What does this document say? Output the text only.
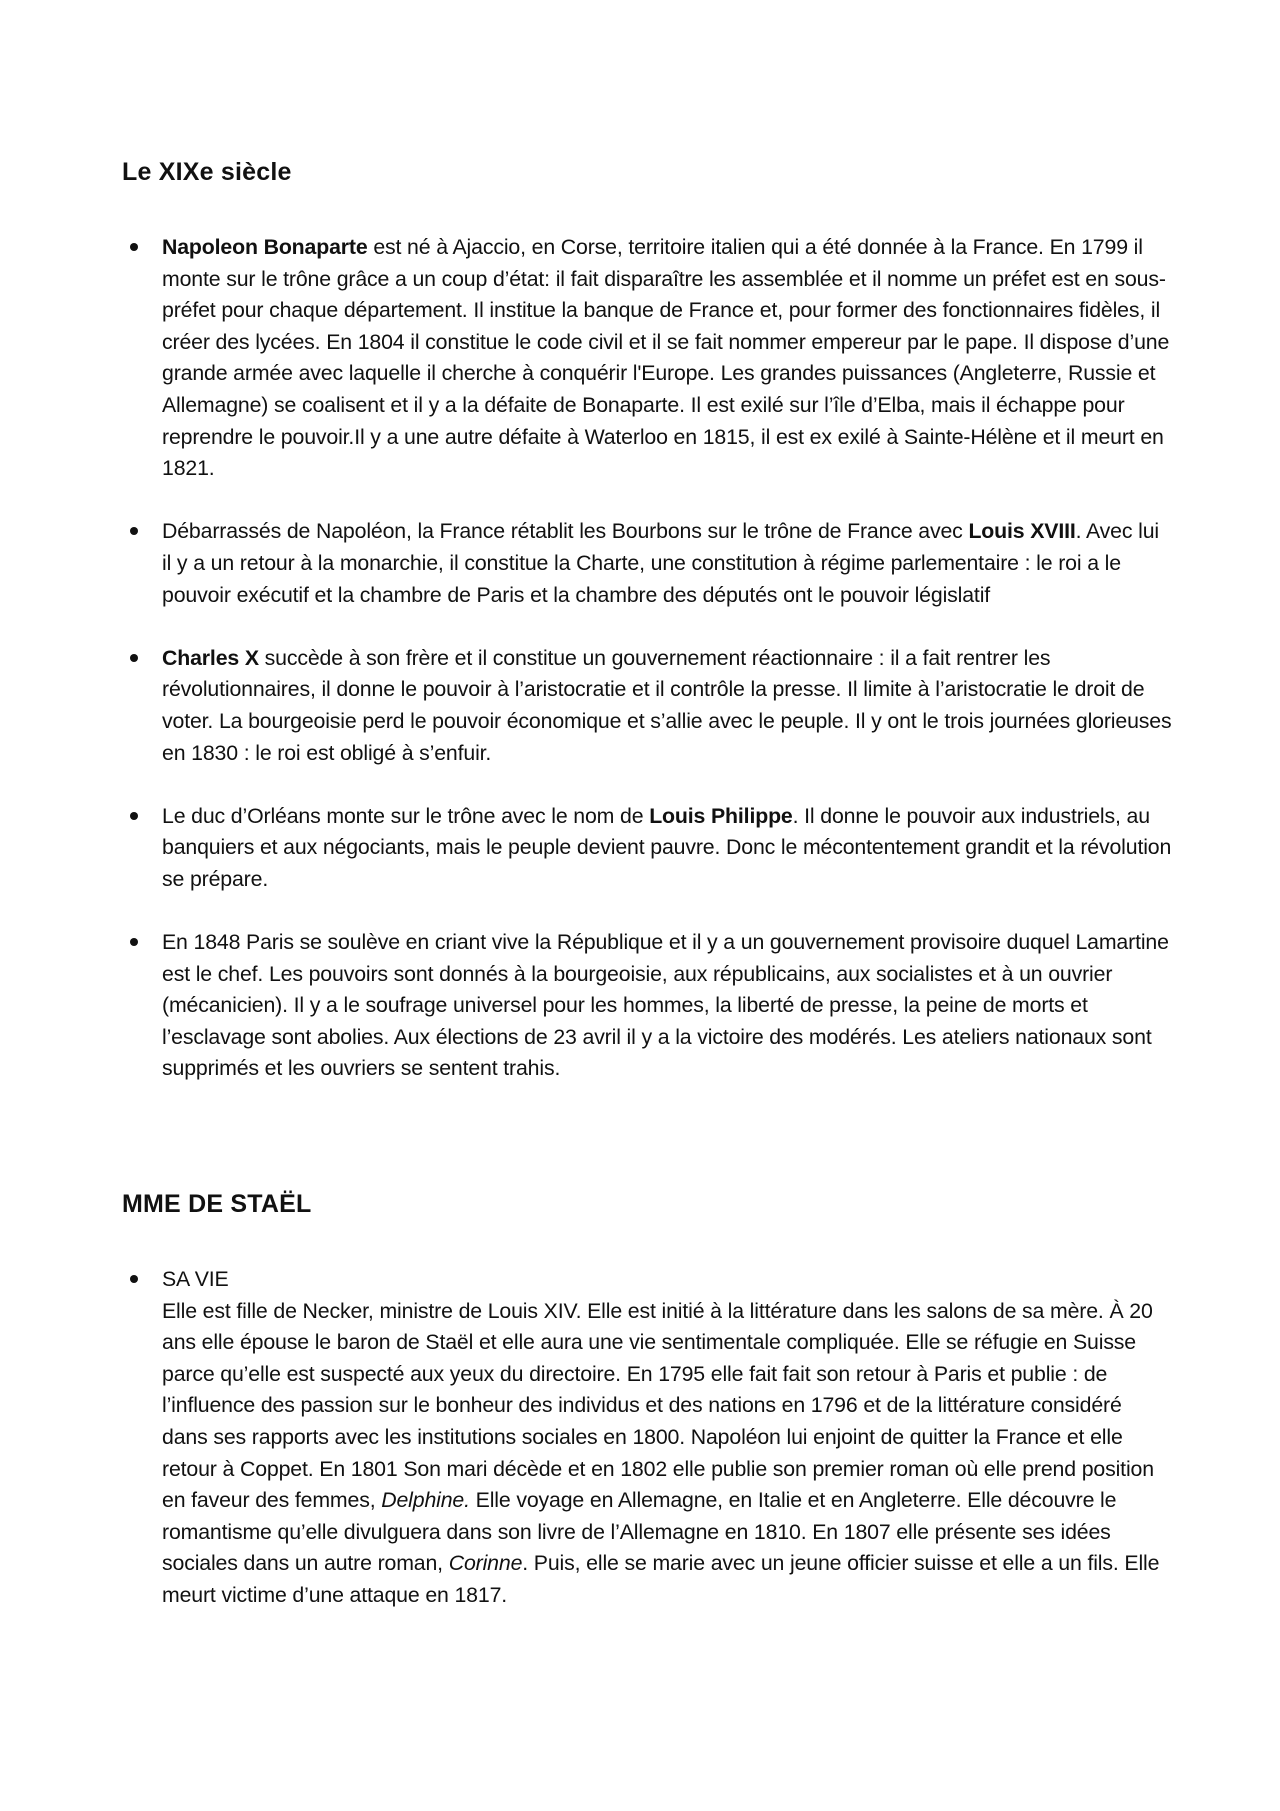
Le XIXe siècle
Napoleon Bonaparte est né à Ajaccio, en Corse, territoire italien qui a été donnée à la France. En 1799 il monte sur le trône grâce a un coup d’état: il fait disparaître les assemblée et il nomme un préfet est en sous-préfet pour chaque département. Il institue la banque de France et, pour former des fonctionnaires fidèles, il créer des lycées. En 1804 il constitue le code civil et il se fait nommer empereur par le pape. Il dispose d’une grande armée avec laquelle il cherche à conquérir l'Europe. Les grandes puissances (Angleterre, Russie et Allemagne) se coalisent et il y a la défaite de Bonaparte. Il est exilé sur l’île d’Elba, mais il échappe pour reprendre le pouvoir.Il y a une autre défaite à Waterloo en 1815, il est ex exilé à Sainte-Hélène et il meurt en 1821.
Débarrassés de Napoléon, la France rétablit les Bourbons sur le trône de France avec Louis XVIII. Avec lui il y a un retour à la monarchie, il constitue la Charte, une constitution à régime parlementaire : le roi a le pouvoir exécutif et la chambre de Paris et la chambre des députés ont le pouvoir législatif
Charles X succède à son frère et il constitue un gouvernement réactionnaire : il a fait rentrer les révolutionnaires, il donne le pouvoir à l’aristocratie et il contrôle la presse. Il limite à l’aristocratie le droit de voter. La bourgeoisie perd le pouvoir économique et s’allie avec le peuple. Il y ont le trois journées glorieuses en 1830 : le roi est obligé à s’enfuir.
Le duc d’Orléans monte sur le trône avec le nom de Louis Philippe. Il donne le pouvoir aux industriels, au banquiers et aux négociants, mais le peuple devient pauvre. Donc le mécontentement grandit et la révolution se prépare.
En 1848 Paris se soulève en criant vive la République et il y a un gouvernement provisoire duquel Lamartine est le chef. Les pouvoirs sont donnés à la bourgeoisie, aux républicains, aux socialistes et à un ouvrier (mécanicien). Il y a le soufrage universel pour les hommes, la liberté de presse, la peine de morts et l’esclavage sont abolies. Aux élections de 23 avril il y a la victoire des modérés. Les ateliers nationaux sont supprimés et les ouvriers se sentent trahis.
MME DE STAËL
SA VIE
Elle est fille de Necker, ministre de Louis XIV. Elle est initié à la littérature dans les salons de sa mère. À 20 ans elle épouse le baron de Staël et elle aura une vie sentimentale compliquée. Elle se réfugie en Suisse parce qu’elle est suspecté aux yeux du directoire. En 1795 elle fait fait son retour à Paris et publie : de l’influence des passion sur le bonheur des individus et des nations en 1796 et de la littérature considéré dans ses rapports avec les institutions sociales en 1800. Napoléon lui enjoint de quitter la France et elle retour à Coppet. En 1801 Son mari décède et en 1802 elle publie son premier roman où elle prend position en faveur des femmes, Delphine. Elle voyage en Allemagne, en Italie et en Angleterre. Elle découvre le romantisme qu’elle divulguera dans son livre de l’Allemagne en 1810. En 1807 elle présente ses idées sociales dans un autre roman, Corinne. Puis, elle se marie avec un jeune officier suisse et elle a un fils. Elle meurt victime d’une attaque en 1817.
